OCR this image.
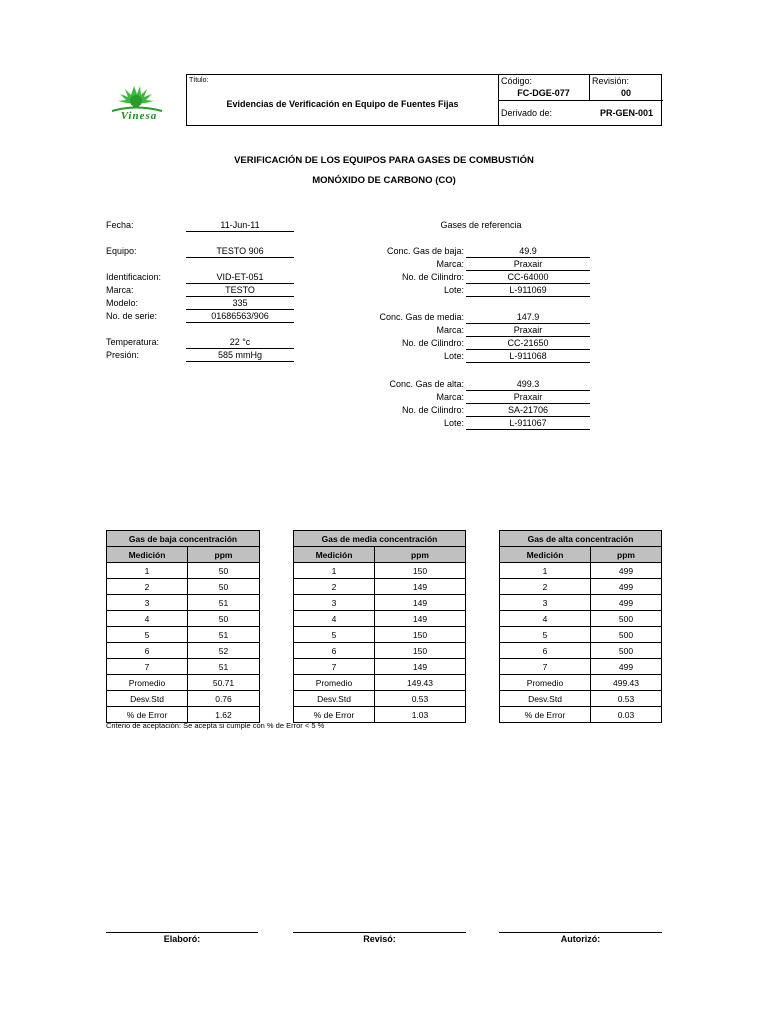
Vinesa
Título:
Evidencias de Verificación en Equipo de Fuentes Fijas
Código:
FC-DGE-077
Revisión:
00
Derivado de:	PR-GEN-001
VERIFICACIÓN DE LOS EQUIPOS PARA GASES DE COMBUSTIÓN
MONÓXIDO DE CARBONO (CO)
Fecha:	11-Jun-11
Equipo:	TESTO 906
Identificacion:	VID-ET-051
Marca:	TESTO
Modelo:	335
No. de serie:	01686563/906
Temperatura:	22 °c
Presión:	585 mmHg
Gases de referencia
Conc. Gas de baja:	49.9
Marca:	Praxair
No. de Cilindro:	CC-64000
Lote:	L-911069
Conc. Gas de media:	147.9
Marca:	Praxair
No. de Cilindro:	CC-21650
Lote:	L-911068
Conc. Gas de alta:	499.3
Marca:	Praxair
No. de Cilindro:	SA-21706
Lote:	L-911067
Gas de baja concentración	
Medición	ppm
1	50
2	50
3	51
4	50
5	51
6	52
7	51
Promedio	50.71
Desv.Std	0.76
% de Error	1.62
Gas de media concentración	
Medición	ppm
1	150
2	149
3	149
4	149
5	150
6	150
7	149
Promedio	149.43
Desv.Std	0.53
% de Error	1.03
Gas de alta concentración	
Medición	ppm
1	499
2	499
3	499
4	500
5	500
6	500
7	499
Promedio	499.43
Desv.Std	0.53
% de Error	0.03
Criterio de aceptación: Se acepta si cumple con % de Error < 5 %
Elaboró:	Revisó:	Autorizó:
